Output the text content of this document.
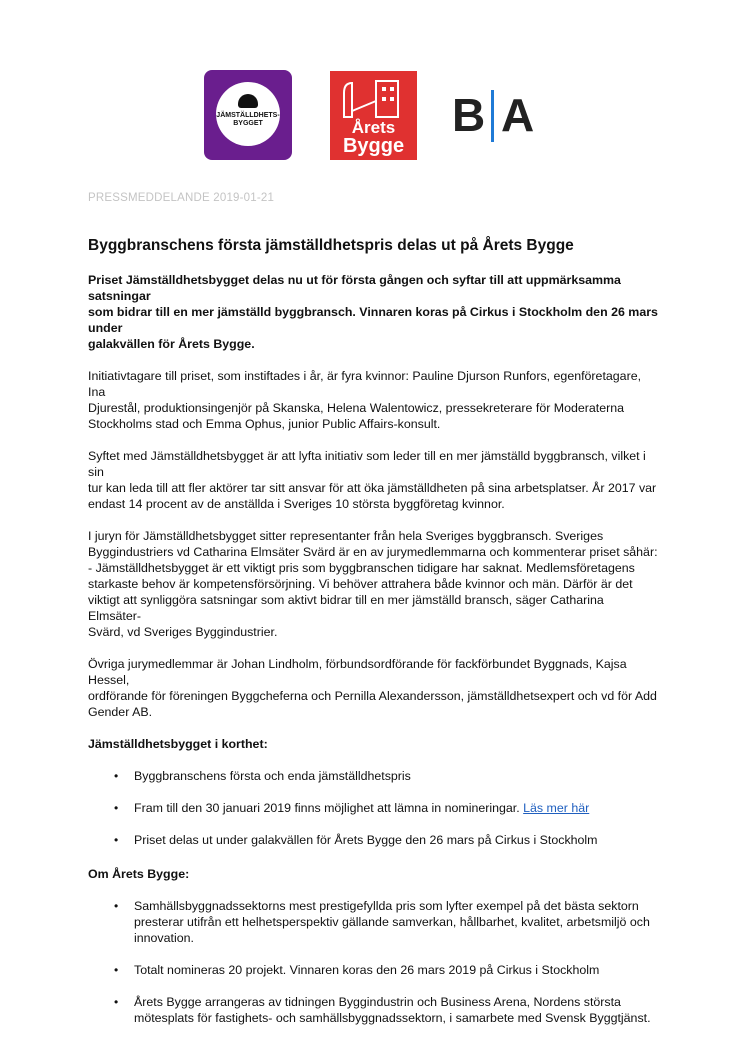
JÄMSTÄLLDHETS-
BYGGET	Årets
Bygge
B A
PRESSMEDDELANDE 2019-01-21
Byggbranschens första jämställdhetspris delas ut på Årets Bygge
Priset Jämställdhetsbygget delas nu ut för första gången och syftar till att uppmärksamma satsningar
som bidrar till en mer jämställd byggbransch. Vinnaren koras på Cirkus i Stockholm den 26 mars under
galakvällen för Årets Bygge.

Initiativtagare till priset, som instiftades i år, är fyra kvinnor: Pauline Djurson Runfors, egenföretagare, Ina
Djurestål, produktionsingenjör på Skanska, Helena Walentowicz, pressekreterare för Moderaterna
Stockholms stad och Emma Ophus, junior Public Affairs-konsult.

Syftet med Jämställdhetsbygget är att lyfta initiativ som leder till en mer jämställd byggbransch, vilket i sin
tur kan leda till att fler aktörer tar sitt ansvar för att öka jämställdheten på sina arbetsplatser. År 2017 var
endast 14 procent av de anställda i Sveriges 10 största byggföretag kvinnor.

I juryn för Jämställdhetsbygget sitter representanter från hela Sveriges byggbransch. Sveriges
Byggindustriers vd Catharina Elmsäter Svärd är en av jurymedlemmarna och kommenterar priset såhär:
- Jämställdhetsbygget är ett viktigt pris som byggbranschen tidigare har saknat. Medlemsföretagens
starkaste behov är kompetensförsörjning. Vi behöver attrahera både kvinnor och män. Därför är det
viktigt att synliggöra satsningar som aktivt bidrar till en mer jämställd bransch, säger Catharina Elmsäter-
Svärd, vd Sveriges Byggindustrier.

Övriga jurymedlemmar är Johan Lindholm, förbundsordförande för fackförbundet Byggnads, Kajsa Hessel,
ordförande för föreningen Byggcheferna och Pernilla Alexandersson, jämställdhetsexpert och vd för Add
Gender AB.

Jämställdhetsbygget i korthet:
• Byggbranschens första och enda jämställdhetspris
• Fram till den 30 januari 2019 finns möjlighet att lämna in nomineringar. Läs mer här
• Priset delas ut under galakvällen för Årets Bygge den 26 mars på Cirkus i Stockholm
Om Årets Bygge:
• Samhällsbyggnadssektorns mest prestigefyllda pris som lyfter exempel på det bästa sektorn
presterar utifrån ett helhetsperspektiv gällande samverkan, hållbarhet, kvalitet, arbetsmiljö och
innovation.
• Totalt nomineras 20 projekt. Vinnaren koras den 26 mars 2019 på Cirkus i Stockholm
• Årets Bygge arrangeras av tidningen Byggindustrin och Business Arena, Nordens största
mötesplats för fastighets- och samhällsbyggnadssektorn, i samarbete med Svensk Byggtjänst.
